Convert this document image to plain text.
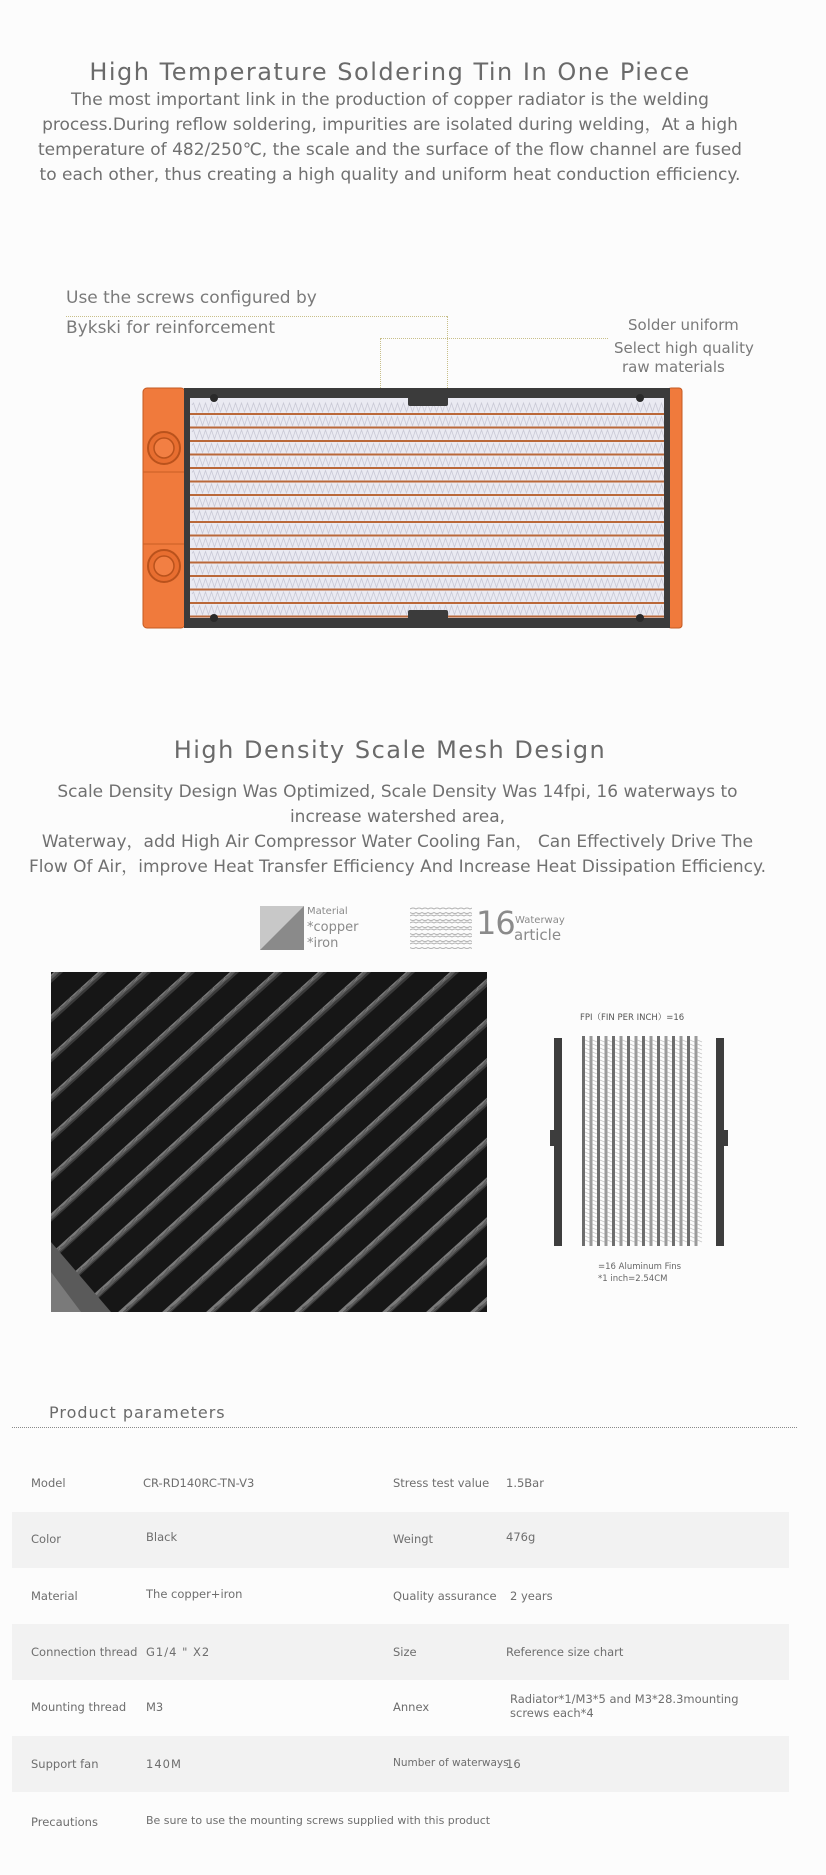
High Temperature Soldering Tin In One Piece
The most important link in the production of copper radiator is the welding
process.During reflow soldering, impurities are isolated during welding，At a high
temperature of 482/250℃, the scale and the surface of the flow channel are fused
to each other, thus creating a high quality and uniform heat conduction efficiency.
Use the screws configured by
Bykski for reinforcement	Solder uniform
Select high quality
raw materials
High Density Scale Mesh Design
Scale Density Design Was Optimized, Scale Density Was 14fpi, 16 waterways to
increase watershed area,
Waterway，add High Air Compressor Water Cooling Fan， Can Effectively Drive The
Flow Of Air，improve Heat Transfer Efficiency And Increase Heat Dissipation Efficiency.
Material
*copper
*iron
16 Waterway
article
FPI（FIN PER INCH）=16
=16 Aluminum Fins
*1 inch=2.54CM
Product parameters
Model	CR-RD140RC-TN-V3	Stress test value 1.5Bar
Color	Black	Weingt	476g
Material	The copper+iron	Quality assurance 2 years
Connection thread G1/4 " X2	Size	Reference size chart
Mounting thread M3	Annex
Radiator*1/M3*5 and M3*28.3mounting screws each*4
Support fan	140M	Number of waterways
16
Precautions	Be sure to use the mounting screws supplied with this product
